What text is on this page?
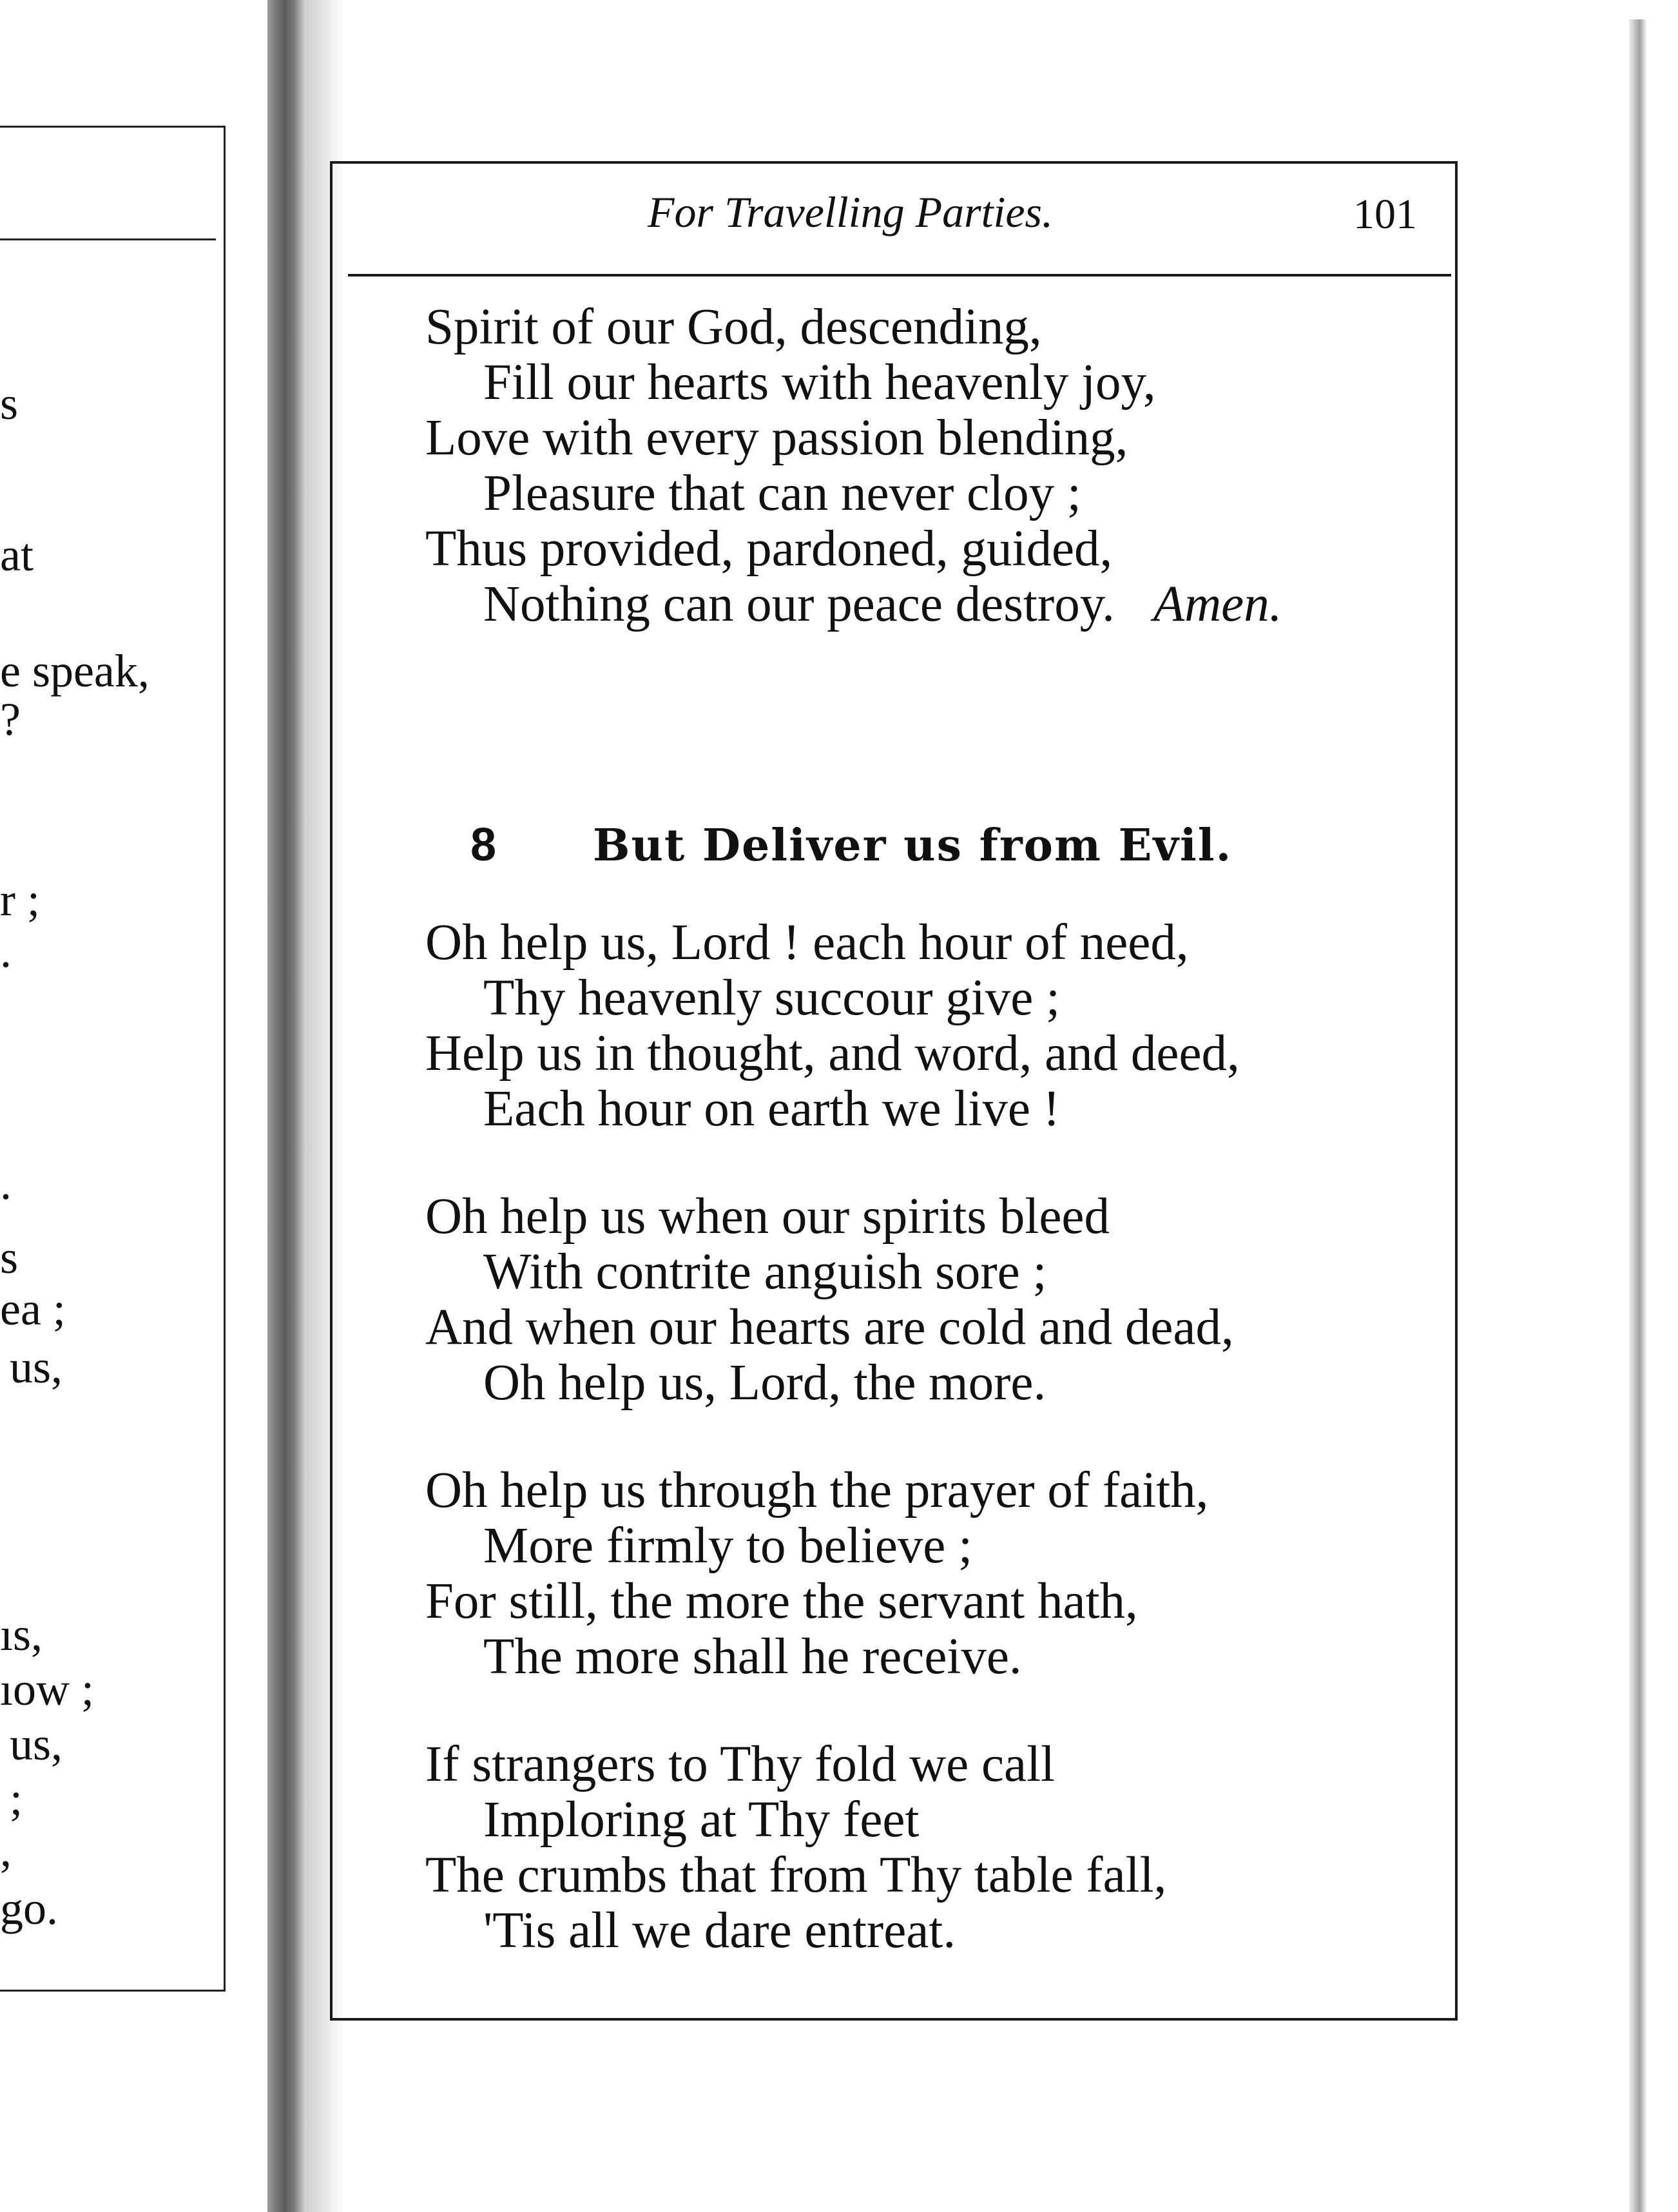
s
at
e speak,
?
r ;
.
.
s
ea ;
us,
ıs,
ıow ;
us,
;
,
go.
For Travelling Parties.	101
Spirit of our God, descending,
Fill our hearts with heavenly joy,
Love with every passion blending,
Pleasure that can never cloy ;
Thus provided, pardoned, guided,
Nothing can our peace destroy. Amen.
8 But Deliver us from Evil.
Oh help us, Lord ! each hour of need,
Thy heavenly succour give ;
Help us in thought, and word, and deed,
Each hour on earth we live !
Oh help us when our spirits bleed
With contrite anguish sore ;
And when our hearts are cold and dead,
Oh help us, Lord, the more.
Oh help us through the prayer of faith,
More firmly to believe ;
For still, the more the servant hath,
The more shall he receive.
If strangers to Thy fold we call
Imploring at Thy feet
The crumbs that from Thy table fall,
'Tis all we dare entreat.
